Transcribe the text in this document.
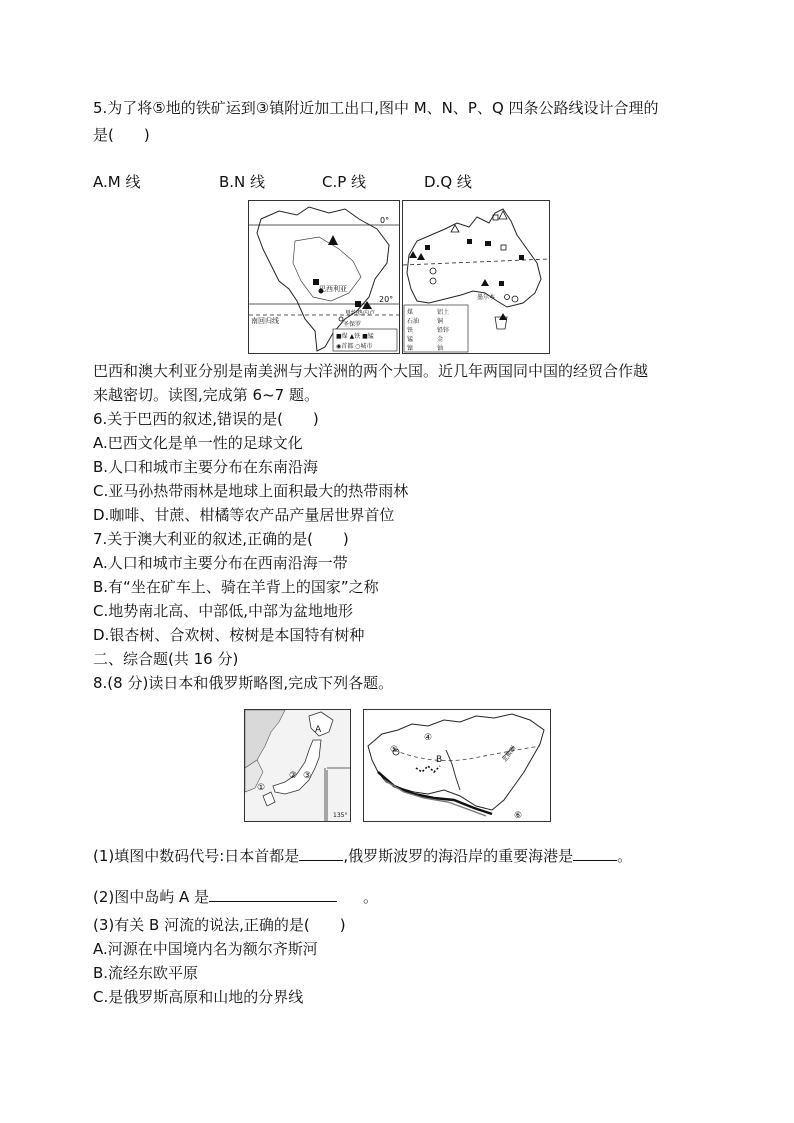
5.为了将⑤地的铁矿运到③镇附近加工出口,图中 M、N、P、Q 四条公路线设计合理的
是(　　)
A.M 线	B.N 线	C.P 线	D.Q 线
0°
20°
南回归线
巴西利亚
里约热内卢
圣保罗
■煤 ▲铁 ■锰
◉首都 ○城市
墨尔本
煤	铝土
石油	铜
铁	铅锌
锰	金
镍	铀
巴西和澳大利亚分别是南美洲与大洋洲的两个大国。近几年两国同中国的经贸合作越
来越密切。读图,完成第 6~7 题。
6.关于巴西的叙述,错误的是(　　)
A.巴西文化是单一性的足球文化
B.人口和城市主要分布在东南沿海
C.亚马孙热带雨林是地球上面积最大的热带雨林
D.咖啡、甘蔗、柑橘等农产品产量居世界首位
7.关于澳大利亚的叙述,正确的是(　　)
A.人口和城市主要分布在西南沿海一带
B.有“坐在矿车上、骑在羊背上的国家”之称
C.地势南北高、中部低,中部为盆地地形
D.银杏树、合欢树、桉树是本国特有树种
二、综合题(共 16 分)
8.(8 分)读日本和俄罗斯略图,完成下列各题。
A
①
② ③
135°
⑤
④
B
⑥
北极圈
(1)填图中数码代号:日本首都是	,俄罗斯波罗的海沿岸的重要海港是	。
(2)图中岛屿 A 是	。
(3)有关 B 河流的说法,正确的是(　　)
A.河源在中国境内名为额尔齐斯河
B.流经东欧平原
C.是俄罗斯高原和山地的分界线
